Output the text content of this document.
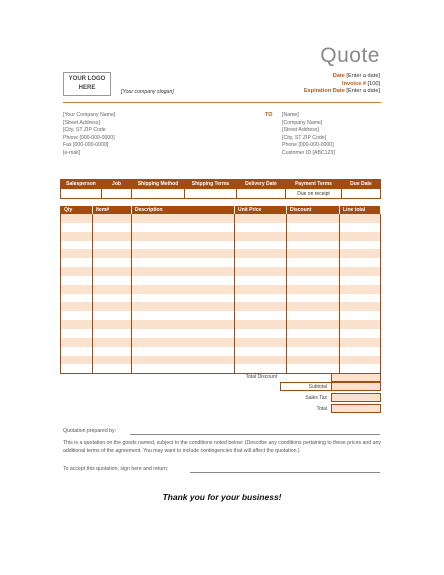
Quote
Date [Enter a date]
Invoice # [100]
Expiration Date [Enter a date]
YOUR LOGO
HERE
[Your company slogan]
[Your Company Name]
[Street Address]
[City, ST ZIP Code
Phone [000-000-0000]
Fax [000-000-0000]
[e-mail]
TO [Name]
[Company Name]
[Street Address]
[City, ST ZIP Code]
Phone [000-000-0000]
Customer ID [ABC123]
Salesperson	Job	Shipping Method	Shipping Terms	Delivery Date	Payment Terms	Due Date
					Due on receipt	
Qty	Item#	Description	Unit Price	Discount	Line total

Total Discount
Subtotal
Sales Tax
Total
Quotation prepared by:
This is a quotation on the goods named, subject to the conditions noted below: (Describe any conditions pertaining to these prices and any additional terms of the agreement. You may want to include contingencies that will affect the quotation.)
To accept this quotation, sign here and return:
Thank you for your business!
